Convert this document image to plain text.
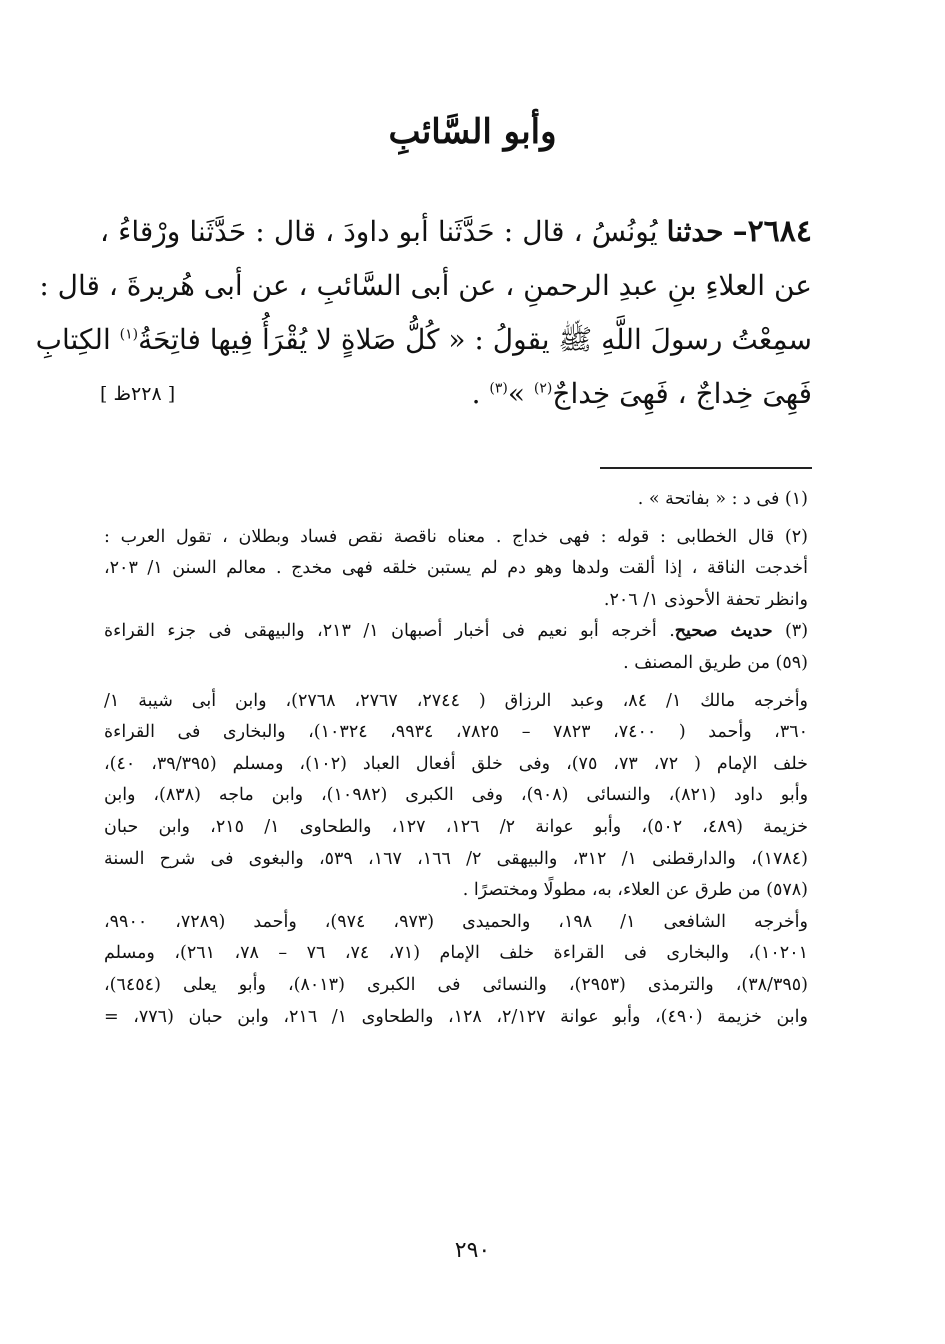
وأبو السَّائبِ
٢٦٨٤– حدثنا يُونُسُ ، قال : حَدَّثَنا أبو داودَ ، قال : حَدَّثَنا ورْقاءُ ،
عن العلاءِ بنِ عبدِ الرحمنِ ، عن أبى السَّائبِ ، عن أبى هُريرةَ ، قال :
سمِعْتُ رسولَ اللَّهِ ﷺ يقولُ : « كُلُّ صَلاةٍ لا يُقْرَأُ فِيها فاتِحَةُ$^{(١)}$ الكِتابِ
فَهِىَ خِداجٌ ، فَهِىَ خِداجٌ$^{(٢)}$ »$^{(٣)}$ .
[ ٢٢٨ظ ]
(١) فى د : « بفاتحة » .
(٢) قال الخطابى : قوله : فهى خداج . معناه ناقصة نقص فساد وبطلان ، تقول العرب :
أخدجت الناقة ، إذا ألقت ولدها وهو دم لم يستبن خلقه فهى مخدج . معالم السنن ١/ ٢٠٣،
وانظر تحفة الأحوذى ١/ ٢٠٦.
(٣) حديث صحيح. أخرجه أبو نعيم فى أخبار أصبهان ١/ ٢١٣، والبيهقى فى جزء القراءة
(٥٩) من طريق المصنف .
وأخرجه مالك ١/ ٨٤، وعبد الرزاق ( ٢٧٤٤، ٢٧٦٧، ٢٧٦٨)، وابن أبى شيبة ١/
٣٦٠، وأحمد ( ٧٤٠٠، ٧٨٢٣ – ٧٨٢٥، ٩٩٣٤، ١٠٣٢٤)، والبخارى فى القراءة
خلف الإمام ( ٧٢، ٧٣، ٧٥)، وفى خلق أفعال العباد (١٠٢)، ومسلم (٣٩/٣٩٥، ٤٠)،
وأبو داود (٨٢١)، والنسائى (٩٠٨)، وفى الكبرى (١٠٩٨٢)، وابن ماجه (٨٣٨)، وابن
خزيمة (٤٨٩، ٥٠٢)، وأبو عوانة ٢/ ١٢٦، ١٢٧، والطحاوى ١/ ٢١٥، وابن حبان
(١٧٨٤)، والدارقطنى ١/ ٣١٢، والبيهقى ٢/ ١٦٦، ١٦٧، ٥٣٩، والبغوى فى شرح السنة
(٥٧٨) من طرق عن العلاء، به، مطولًا ومختصرًا .
وأخرجه الشافعى ١/ ١٩٨، والحميدى (٩٧٣، ٩٧٤)، وأحمد (٧٢٨٩، ٩٩٠٠،
١٠٢٠١)، والبخارى فى القراءة خلف الإمام (٧١، ٧٤، ٧٦ – ٧٨، ٢٦١)، ومسلم
(٣٨/٣٩٥)، والترمذى (٢٩٥٣)، والنسائى فى الكبرى (٨٠١٣)، وأبو يعلى (٦٤٥٤)،
وابن خزيمة (٤٩٠)، وأبو عوانة ٢/١٢٧، ١٢٨، والطحاوى ١/ ٢١٦، وابن حبان (٧٧٦، =
٢٩٠
